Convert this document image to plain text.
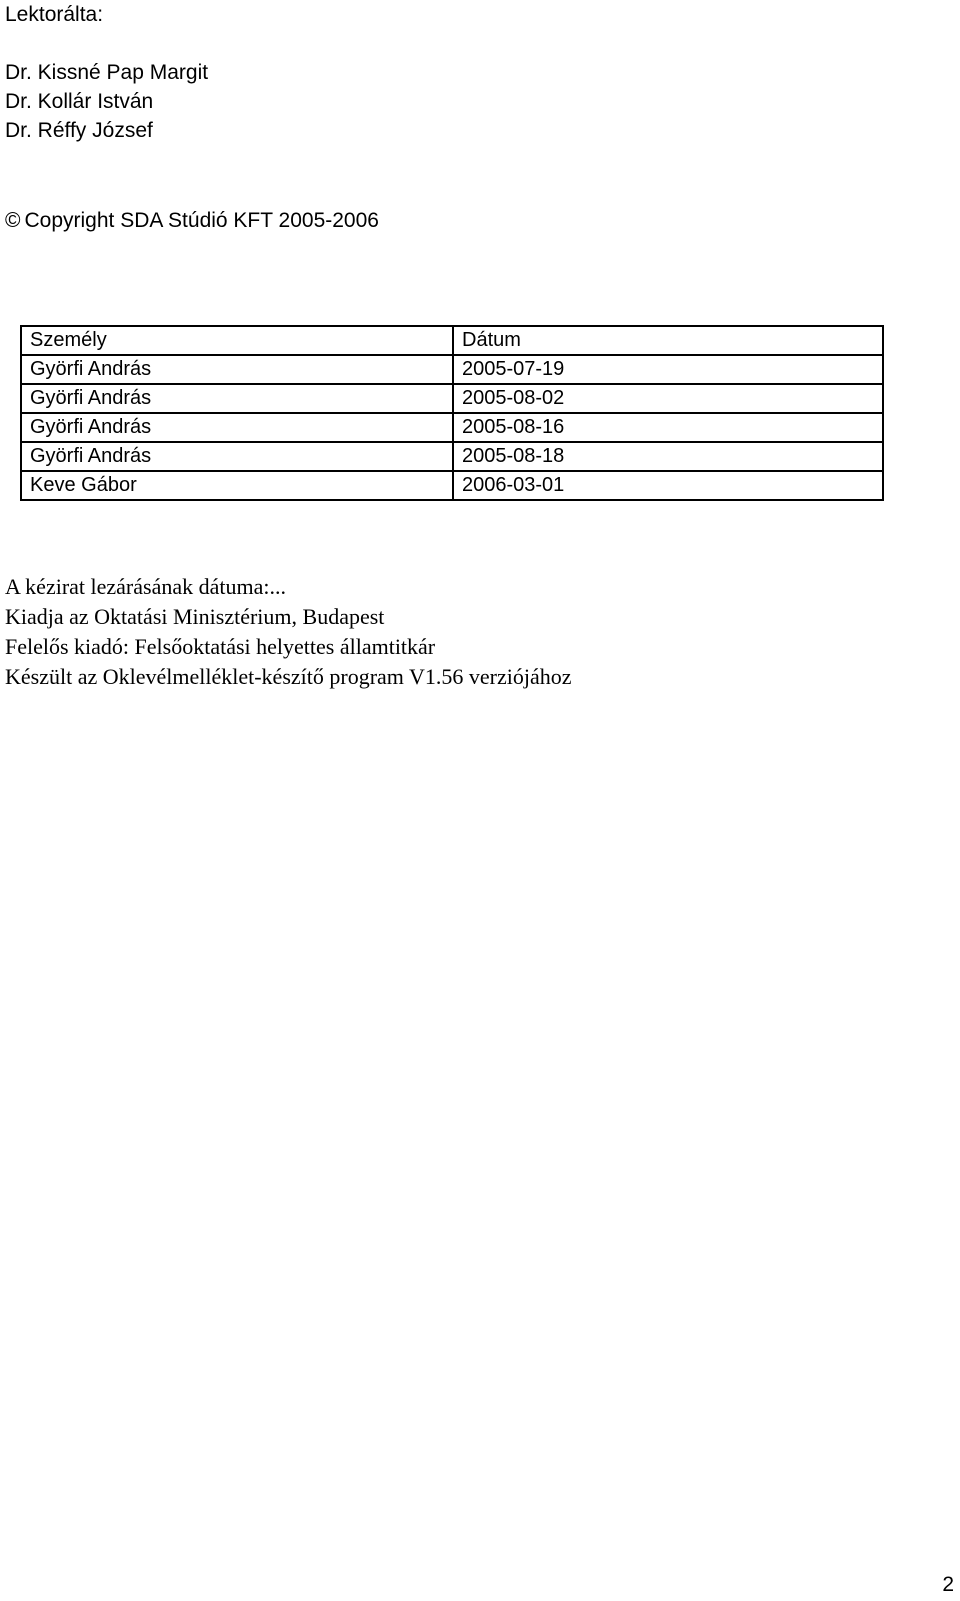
Lektorálta:
Dr. Kissné Pap Margit
Dr. Kollár István
Dr. Réffy József
© Copyright SDA Stúdió KFT 2005-2006
Személy	Dátum
Györfi András	2005-07-19
Györfi András	2005-08-02
Györfi András	2005-08-16
Györfi András	2005-08-18
Keve Gábor	2006-03-01
A kézirat lezárásának dátuma:...
Kiadja az Oktatási Minisztérium, Budapest
Felelős kiadó: Felsőoktatási helyettes államtitkár
Készült az Oklevélmelléklet-készítő program V1.56 verziójához
2
